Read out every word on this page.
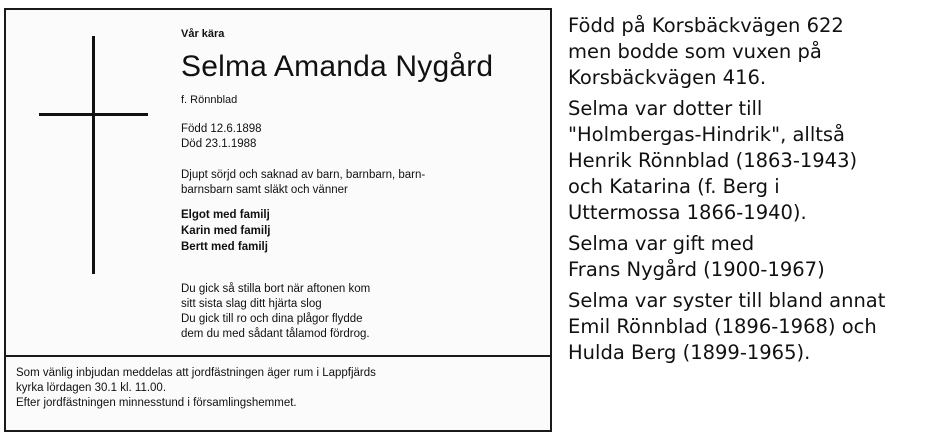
Vår kära
Selma Amanda Nygård
f. Rönnblad
Född 12.6.1898
Död 23.1.1988
Djupt sörjd och saknad av barn, barnbarn, barn-
barnsbarn samt släkt och vänner
Elgot med familj
Karin med familj
Bertt med familj
Du gick så stilla bort när aftonen kom
sitt sista slag ditt hjärta slog
Du gick till ro och dina plågor flydde
dem du med sådant tålamod fördrog.
Som vänlig inbjudan meddelas att jordfästningen äger rum i Lappfjärds
kyrka lördagen 30.1 kl. 11.00.
Efter jordfästningen minnesstund i församlingshemmet.
Född på Korsbäckvägen 622
men bodde som vuxen på
Korsbäckvägen 416.
Selma var dotter till
"Holmbergas-Hindrik", alltså
Henrik Rönnblad (1863-1943)
och Katarina (f. Berg i
Uttermossa 1866-1940).
Selma var gift med
Frans Nygård (1900-1967)
Selma var syster till bland annat
Emil Rönnblad (1896-1968) och
Hulda Berg (1899-1965).
